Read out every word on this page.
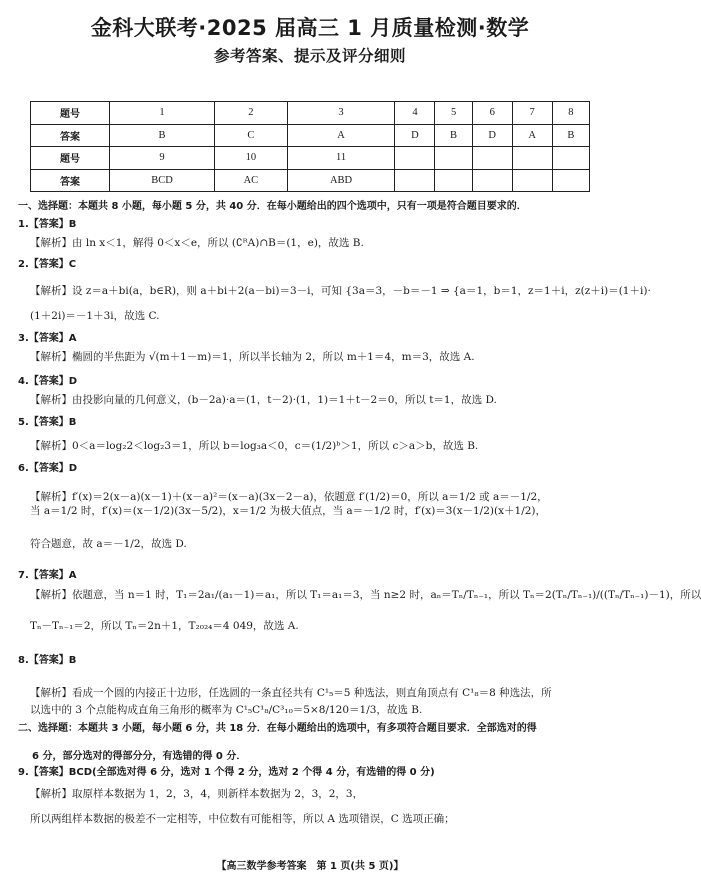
金科大联考·2025 届高三 1 月质量检测·数学
参考答案、提示及评分细则
题号	1	2	3	4	5	6	7	8
答案	B	C	A	D	B	D	A	B
题号	9	10	11					
答案	BCD	AC	ABD					
一、选择题：本题共 8 小题，每小题 5 分，共 40 分．在每小题给出的四个选项中，只有一项是符合题目要求的．
1.【答案】B
【解析】由 ln x＜1，解得 0＜x＜e，所以 (∁ᴿA)∩B＝(1，e)，故选 B.
2.【答案】C
【解析】设 z＝a＋bi(a，b∈R)，则 a＋bi＋2(a－bi)＝3－i，可知 {3a＝3，－b＝－1 ⇒ {a＝1，b＝1，z＝1＋i，z(z＋i)＝(1＋i)·
(1＋2i)＝－1＋3i，故选 C.
3.【答案】A
【解析】椭圆的半焦距为 √(m＋1－m)＝1，所以半长轴为 2，所以 m＋1＝4，m＝3，故选 A.
4.【答案】D
【解析】由投影向量的几何意义，(b－2a)·a＝(1，t－2)·(1，1)＝1＋t－2＝0，所以 t＝1，故选 D.
5.【答案】B
【解析】0＜a＝log₂2＜log₂3＝1，所以 b＝log₃a＜0，c＝(1/2)ᵇ＞1，所以 c＞a＞b，故选 B.
6.【答案】D
【解析】f′(x)＝2(x－a)(x－1)＋(x－a)²＝(x－a)(3x－2－a)，依题意 f′(1/2)＝0，所以 a＝1/2 或 a＝－1/2，
当 a＝1/2 时，f′(x)＝(x－1/2)(3x－5/2)，x＝1/2 为极大值点，当 a＝－1/2 时，f′(x)＝3(x－1/2)(x＋1/2)，
符合题意，故 a＝－1/2，故选 D.
7.【答案】A
【解析】依题意，当 n＝1 时，T₁＝2a₁/(a₁－1)＝a₁，所以 T₁＝a₁＝3，当 n≥2 时，aₙ＝Tₙ/Tₙ₋₁，所以 Tₙ＝2(Tₙ/Tₙ₋₁)/((Tₙ/Tₙ₋₁)－1)，所以
Tₙ－Tₙ₋₁＝2，所以 Tₙ＝2n＋1，T₂₀₂₄＝4 049，故选 A.
8.【答案】B
【解析】看成一个圆的内接正十边形，任选圆的一条直径共有 C¹₅＝5 种选法，则直角顶点有 C¹₈＝8 种选法，所
以选中的 3 个点能构成直角三角形的概率为 C¹₅C¹₈/C³₁₀＝5×8/120＝1/3，故选 B.
二、选择题：本题共 3 小题，每小题 6 分，共 18 分．在每小题给出的选项中，有多项符合题目要求．全部选对的得
6 分，部分选对的得部分分，有选错的得 0 分．
9.【答案】BCD(全部选对得 6 分，选对 1 个得 2 分，选对 2 个得 4 分，有选错的得 0 分)
【解析】取原样本数据为 1，2，3，4，则新样本数据为 2，3，2，3，
所以两组样本数据的极差不一定相等，中位数有可能相等，所以 A 选项错误，C 选项正确；
【高三数学参考答案　第 1 页(共 5 页)】
